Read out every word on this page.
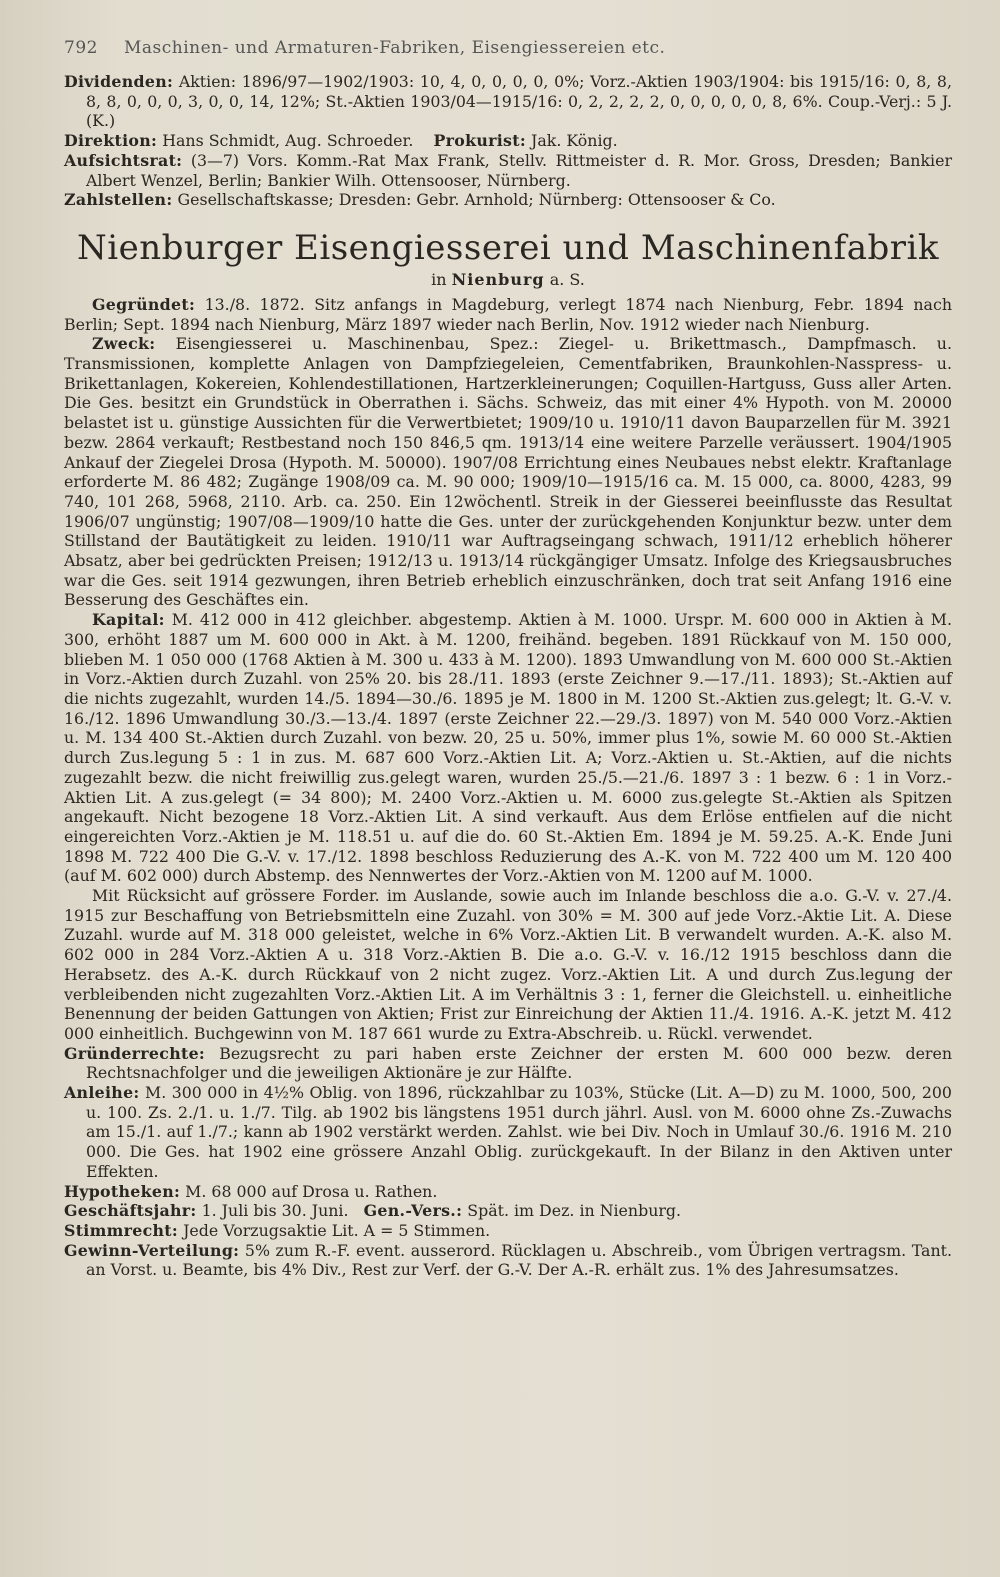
792 Maschinen- und Armaturen-Fabriken, Eisengiessereien etc.

Dividenden: Aktien: 1896/97—1902/1903: 10, 4, 0, 0, 0, 0, 0%; Vorz.-Aktien 1903/1904: bis 1915/16: 0, 8, 8, 8, 8, 0, 0, 0, 3, 0, 0, 14, 12%; St.-Aktien 1903/04—1915/16: 0, 2, 2, 2, 2, 0, 0, 0, 0, 0, 8, 6%. Coup.-Verj.: 5 J. (K.)

Direktion: Hans Schmidt, Aug. Schroeder. Prokurist: Jak. König.

Aufsichtsrat: (3—7) Vors. Komm.-Rat Max Frank, Stellv. Rittmeister d. R. Mor. Gross, Dresden; Bankier Albert Wenzel, Berlin; Bankier Wilh. Ottensooser, Nürnberg.

Zahlstellen: Gesellschaftskasse; Dresden: Gebr. Arnhold; Nürnberg: Ottensooser & Co.

Nienburger Eisengiesserei und Maschinenfabrik
in Nienburg a. S.

Gegründet: 13./8. 1872. Sitz anfangs in Magdeburg, verlegt 1874 nach Nienburg, Febr. 1894 nach Berlin; Sept. 1894 nach Nienburg, März 1897 wieder nach Berlin, Nov. 1912 wieder nach Nienburg.

Zweck: Eisengiesserei u. Maschinenbau, Spez.: Ziegel- u. Brikettmasch., Dampfmasch. u. Transmissionen, komplette Anlagen von Dampfziegeleien, Cementfabriken, Braunkohlen-Nasspress- u. Brikettanlagen, Kokereien, Kohlendestillationen, Hartzerkleinerungen; Coquillen-Hartguss, Guss aller Arten. Die Ges. besitzt ein Grundstück in Oberrathen i. Sächs. Schweiz, das mit einer 4% Hypoth. von M. 20000 belastet ist u. günstige Aussichten für die Verwertbietet; 1909/10 u. 1910/11 davon Bauparzellen für M. 3921 bezw. 2864 verkauft; Restbestand noch 150 846,5 qm. 1913/14 eine weitere Parzelle veräussert. 1904/1905 Ankauf der Ziegelei Drosa (Hypoth. M. 50000). 1907/08 Errichtung eines Neubaues nebst elektr. Kraftanlage erforderte M. 86 482; Zugänge 1908/09 ca. M. 90 000; 1909/10—1915/16 ca. M. 15 000, ca. 8000, 4283, 99 740, 101 268, 5968, 2110. Arb. ca. 250. Ein 12wöchentl. Streik in der Giesserei beeinflusste das Resultat 1906/07 ungünstig; 1907/08—1909/10 hatte die Ges. unter der zurückgehenden Konjunktur bezw. unter dem Stillstand der Bautätigkeit zu leiden. 1910/11 war Auftragseingang schwach, 1911/12 erheblich höherer Absatz, aber bei gedrückten Preisen; 1912/13 u. 1913/14 rückgängiger Umsatz. Infolge des Kriegsausbruches war die Ges. seit 1914 gezwungen, ihren Betrieb erheblich einzuschränken, doch trat seit Anfang 1916 eine Besserung des Geschäftes ein.

Kapital: M. 412 000 in 412 gleichber. abgestemp. Aktien à M. 1000. Urspr. M. 600 000 in Aktien à M. 300, erhöht 1887 um M. 600 000 in Akt. à M. 1200, freihänd. begeben. 1891 Rückkauf von M. 150 000, blieben M. 1 050 000 (1768 Aktien à M. 300 u. 433 à M. 1200). 1893 Umwandlung von M. 600 000 St.-Aktien in Vorz.-Aktien durch Zuzahl. von 25% 20. bis 28./11. 1893 (erste Zeichner 9.—17./11. 1893); St.-Aktien auf die nichts zugezahlt, wurden 14./5. 1894—30./6. 1895 je M. 1800 in M. 1200 St.-Aktien zus.gelegt; lt. G.-V. v. 16./12. 1896 Umwandlung 30./3.—13./4. 1897 (erste Zeichner 22.—29./3. 1897) von M. 540 000 Vorz.-Aktien u. M. 134 400 St.-Aktien durch Zuzahl. von bezw. 20, 25 u. 50%, immer plus 1%, sowie M. 60 000 St.-Aktien durch Zus.legung 5 : 1 in zus. M. 687 600 Vorz.-Aktien Lit. A; Vorz.-Aktien u. St.-Aktien, auf die nichts zugezahlt bezw. die nicht freiwillig zus.gelegt waren, wurden 25./5.—21./6. 1897 3 : 1 bezw. 6 : 1 in Vorz.-Aktien Lit. A zus.gelegt (= 34 800); M. 2400 Vorz.-Aktien u. M. 6000 zus.gelegte St.-Aktien als Spitzen angekauft. Nicht bezogene 18 Vorz.-Aktien Lit. A sind verkauft. Aus dem Erlöse entfielen auf die nicht eingereichten Vorz.-Aktien je M. 118.51 u. auf die do. 60 St.-Aktien Em. 1894 je M. 59.25. A.-K. Ende Juni 1898 M. 722 400 Die G.-V. v. 17./12. 1898 beschloss Reduzierung des A.-K. von M. 722 400 um M. 120 400 (auf M. 602 000) durch Abstemp. des Nennwertes der Vorz.-Aktien von M. 1200 auf M. 1000.

Mit Rücksicht auf grössere Forder. im Auslande, sowie auch im Inlande beschloss die a.o. G.-V. v. 27./4. 1915 zur Beschaffung von Betriebsmitteln eine Zuzahl. von 30% = M. 300 auf jede Vorz.-Aktie Lit. A. Diese Zuzahl. wurde auf M. 318 000 geleistet, welche in 6% Vorz.-Aktien Lit. B verwandelt wurden. A.-K. also M. 602 000 in 284 Vorz.-Aktien A u. 318 Vorz.-Aktien B. Die a.o. G.-V. v. 16./12 1915 beschloss dann die Herabsetz. des A.-K. durch Rückkauf von 2 nicht zugez. Vorz.-Aktien Lit. A und durch Zus.legung der verbleibenden nicht zugezahlten Vorz.-Aktien Lit. A im Verhältnis 3 : 1, ferner die Gleichstell. u. einheitliche Benennung der beiden Gattungen von Aktien; Frist zur Einreichung der Aktien 11./4. 1916. A.-K. jetzt M. 412 000 einheitlich. Buchgewinn von M. 187 661 wurde zu Extra-Abschreib. u. Rückl. verwendet.

Gründerrechte: Bezugsrecht zu pari haben erste Zeichner der ersten M. 600 000 bezw. deren Rechtsnachfolger und die jeweiligen Aktionäre je zur Hälfte.

Anleihe: M. 300 000 in 4½% Oblig. von 1896, rückzahlbar zu 103%, Stücke (Lit. A—D) zu M. 1000, 500, 200 u. 100. Zs. 2./1. u. 1./7. Tilg. ab 1902 bis längstens 1951 durch jährl. Ausl. von M. 6000 ohne Zs.-Zuwachs am 15./1. auf 1./7.; kann ab 1902 verstärkt werden. Zahlst. wie bei Div. Noch in Umlauf 30./6. 1916 M. 210 000. Die Ges. hat 1902 eine grössere Anzahl Oblig. zurückgekauft. In der Bilanz in den Aktiven unter Effekten.

Hypotheken: M. 68 000 auf Drosa u. Rathen.

Geschäftsjahr: 1. Juli bis 30. Juni. Gen.-Vers.: Spät. im Dez. in Nienburg.

Stimmrecht: Jede Vorzugsaktie Lit. A = 5 Stimmen.

Gewinn-Verteilung: 5% zum R.-F. event. ausserord. Rücklagen u. Abschreib., vom Übrigen vertragsm. Tant. an Vorst. u. Beamte, bis 4% Div., Rest zur Verf. der G.-V. Der A.-R. erhält zus. 1% des Jahresumsatzes.
